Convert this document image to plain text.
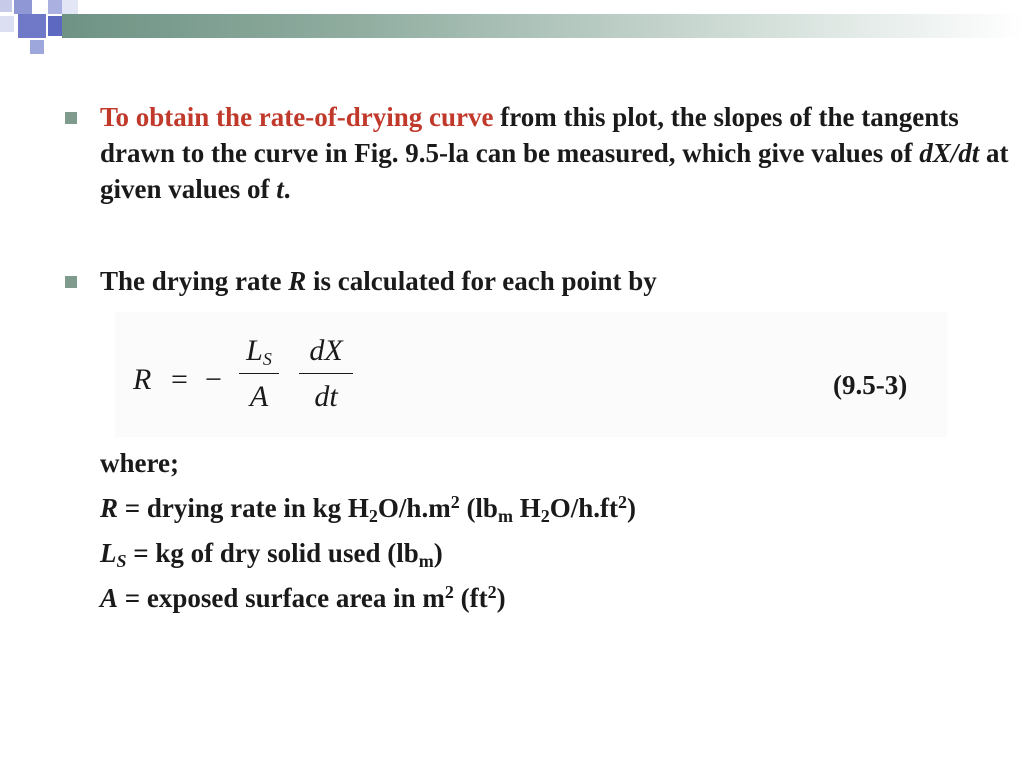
To obtain the rate-of-drying curve from this plot, the slopes of the tangents drawn to the curve in Fig. 9.5-la can be measured, which give values of dX/dt at given values of t.

The drying rate R is calculated for each point by

R = −
$L_S$
A
dX
dt	(9.5-3)

where;

R = drying rate in kg $H_2O/h.m^2$ ($lb_m$ $H_2O/h.ft^2$)

$L_S$ = kg of dry solid used $(lb_m)$

A = exposed surface area in $m^2$ $(ft^2)$
